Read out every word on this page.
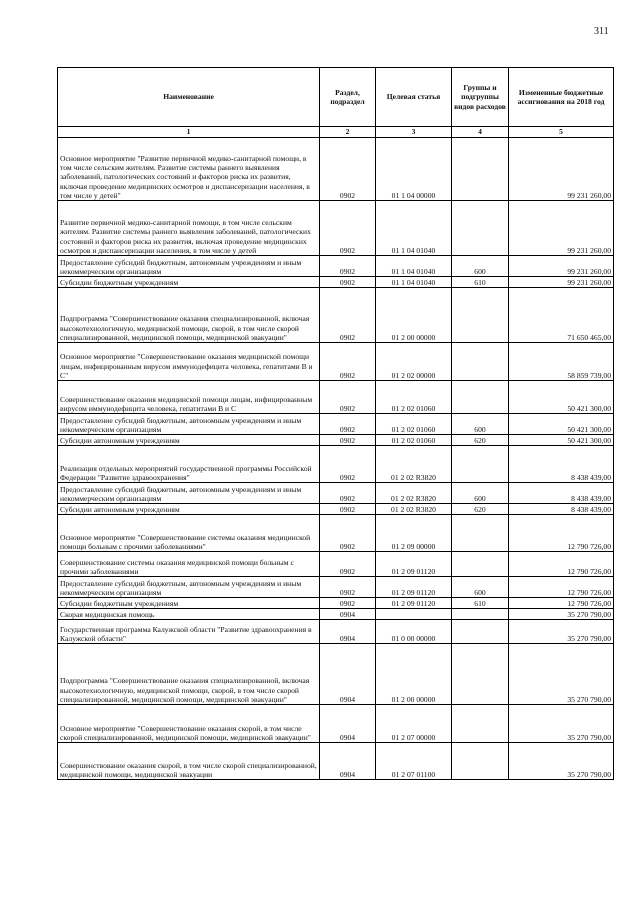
311
Наименование	Раздел, подраздел	Целевая статья	Группы и подгруппы видов расходов	Измененные бюджетные ассигнования на 2018 год
1	2	3	4	5
Основное мероприятие "Развитие первичной медико-санитарной помощи, в том числе сельским жителям. Развитие системы раннего выявления заболеваний, патологических состояний и факторов риска их развития, включая проведение медицинских осмотров и диспансеризации населения, в том числе у детей"	0902	01 1 04 00000		99 231 260,00
Развитие первичной медико-санитарной помощи, в том числе сельским жителям. Развитие системы раннего выявления заболеваний, патологических состояний и факторов риска их развития, включая проведение медицинских осмотров и диспансеризации населения, в том числе у детей	0902	01 1 04 01040		99 231 260,00
Предоставление субсидий бюджетным, автономным учреждениям и иным некоммерческим организациям	0902	01 1 04 01040	600	99 231 260,00
Субсидии бюджетным учреждениям	0902	01 1 04 01040	610	99 231 260,00
Подпрограмма "Совершенствование оказания специализированной, включая высокотехнологичную, медицинской помощи, скорой, в том числе скорой специализированной, медицинской помощи, медицинской эвакуации"	0902	01 2 00 00000		71 650 465,00
Основное мероприятие "Совершенствование оказания медицинской помощи лицам, инфицированным вирусом иммунодефицита человека, гепатитами В и С"	0902	01 2 02 00000		58 859 739,00
Совершенствование оказания медицинской помощи лицам, инфицированным вирусом иммунодефицита человека, гепатитами В и С	0902	01 2 02 01060		50 421 300,00
Предоставление субсидий бюджетным, автономным учреждениям и иным некоммерческим организациям	0902	01 2 02 01060	600	50 421 300,00
Субсидии автономным учреждениям	0902	01 2 02 01060	620	50 421 300,00
Реализация отдельных мероприятий государственной программы Российской Федерации "Развитие здравоохранения"	0902	01 2 02 R3820		8 438 439,00
Предоставление субсидий бюджетным, автономным учреждениям и иным некоммерческим организациям	0902	01 2 02 R3820	600	8 438 439,00
Субсидии автономным учреждениям	0902	01 2 02 R3820	620	8 438 439,00
Основное мероприятие "Совершенствование системы оказания медицинской помощи больным с прочими заболеваниями"	0902	01 2 09 00000		12 790 726,00
Совершенствование системы оказания медицинской помощи больным с прочими заболеваниями	0902	01 2 09 01120		12 790 726,00
Предоставление субсидий бюджетным, автономным учреждениям и иным некоммерческим организациям	0902	01 2 09 01120	600	12 790 726,00
Субсидии бюджетным учреждениям	0902	01 2 09 01120	610	12 790 726,00
Скорая медицинская помощь	0904			35 270 790,00
Государственная программа Калужской области "Развитие здравоохранения в Калужской области"	0904	01 0 00 00000		35 270 790,00
Подпрограмма "Совершенствование оказания специализированной, включая высокотехнологичную, медицинской помощи, скорой, в том числе скорой специализированной, медицинской помощи, медицинской эвакуации"	0904	01 2 00 00000		35 270 790,00
Основное мероприятие "Совершенствование оказания скорой, в том числе скорой специализированной, медицинской помощи, медицинской эвакуации"	0904	01 2 07 00000		35 270 790,00
Совершенствование оказания скорой, в том числе скорой специализированной, медицинской помощи, медицинской эвакуации	0904	01 2 07 01100		35 270 790,00
